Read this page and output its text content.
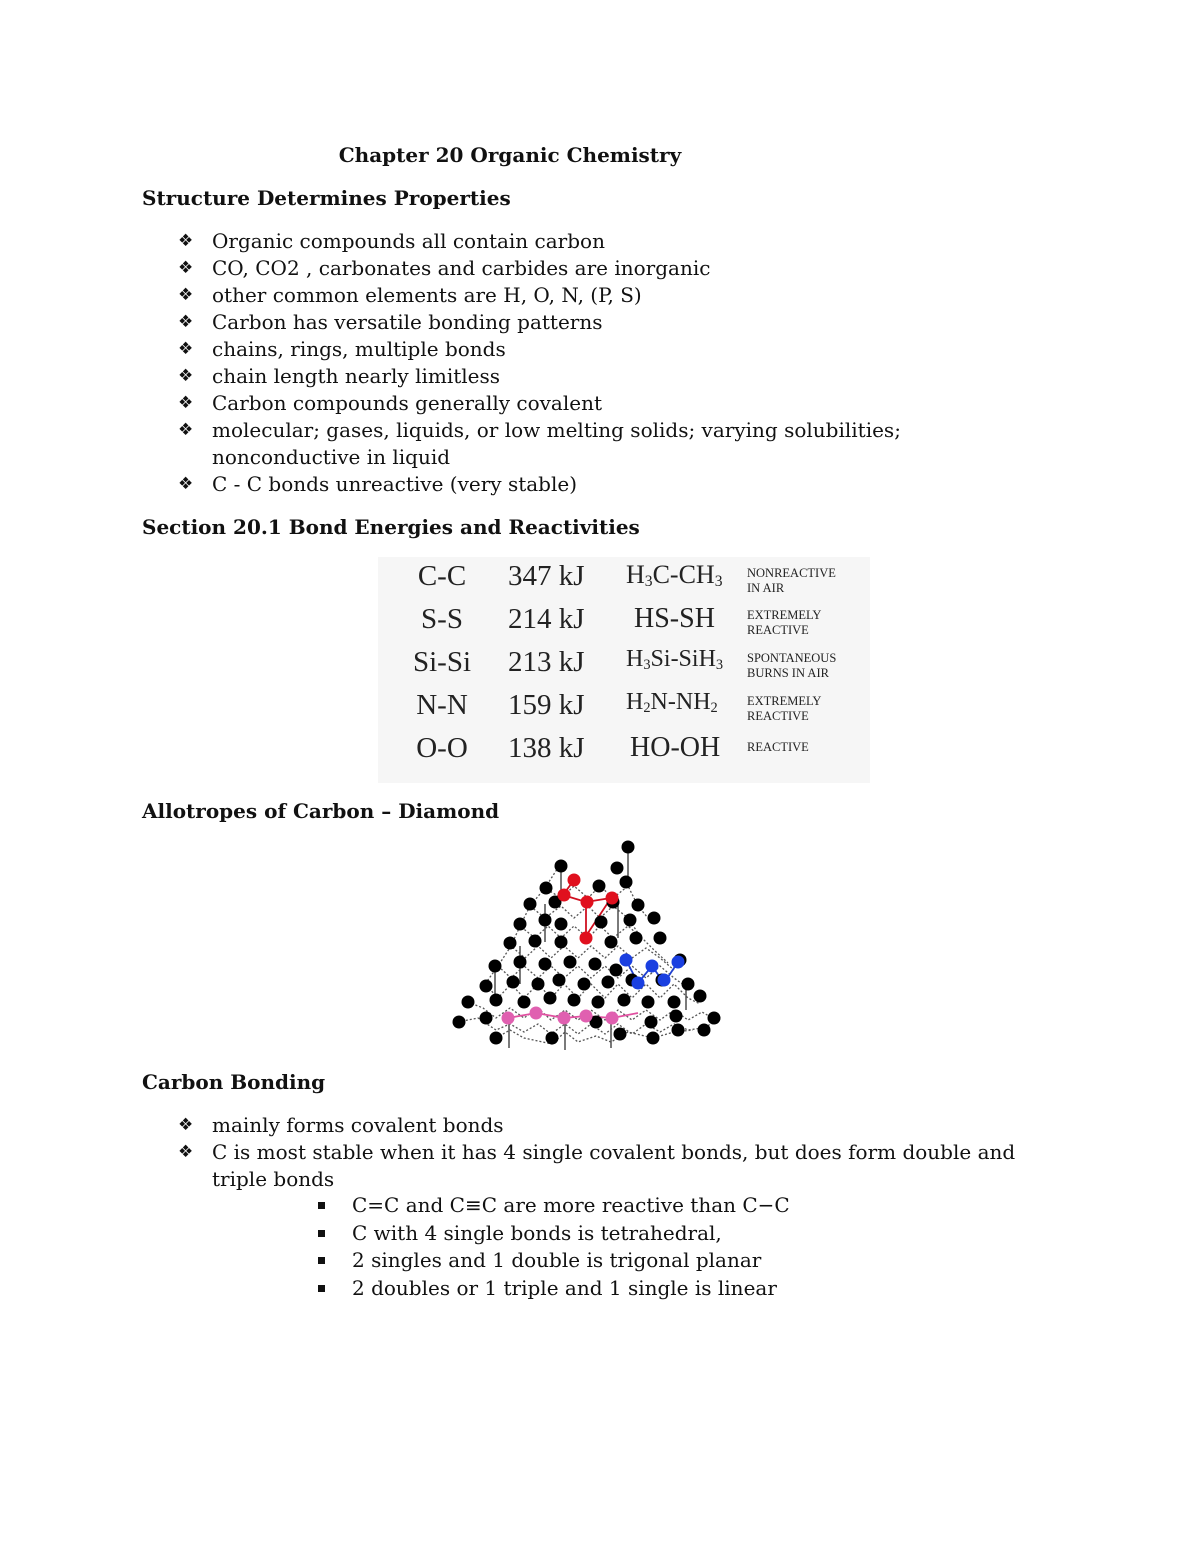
Chapter 20 Organic Chemistry
Structure Determines Properties
❖ Organic compounds all contain carbon
❖ CO, CO2 , carbonates and carbides are inorganic
❖ other common elements are H, O, N, (P, S)
❖ Carbon has versatile bonding patterns
❖ chains, rings, multiple bonds
❖ chain length nearly limitless
❖ Carbon compounds generally covalent
❖ molecular; gases, liquids, or low melting solids; varying solubilities; nonconductive in liquid
❖ C - C bonds unreactive (very stable)
Section 20.1 Bond Energies and Reactivities
C-C	347 kJ	$H_3C-CH_3$	NONREACTIVE
IN AIR
S-S	214 kJ	HS-SH	EXTREMELY
REACTIVE
Si-Si	213 kJ	$H_3Si-SiH_3$	SPONTANEOUS
BURNS IN AIR
N-N	159 kJ	$H_2N-NH_2$	EXTREMELY
REACTIVE
O-O	138 kJ	HO-OH	REACTIVE
Allotropes of Carbon – Diamond
Carbon Bonding
❖ mainly forms covalent bonds
❖ C is most stable when it has 4 single covalent bonds, but does form double and triple bonds
C=C and C≡C are more reactive than C−C
C with 4 single bonds is tetrahedral,
2 singles and 1 double is trigonal planar
2 doubles or 1 triple and 1 single is linear
